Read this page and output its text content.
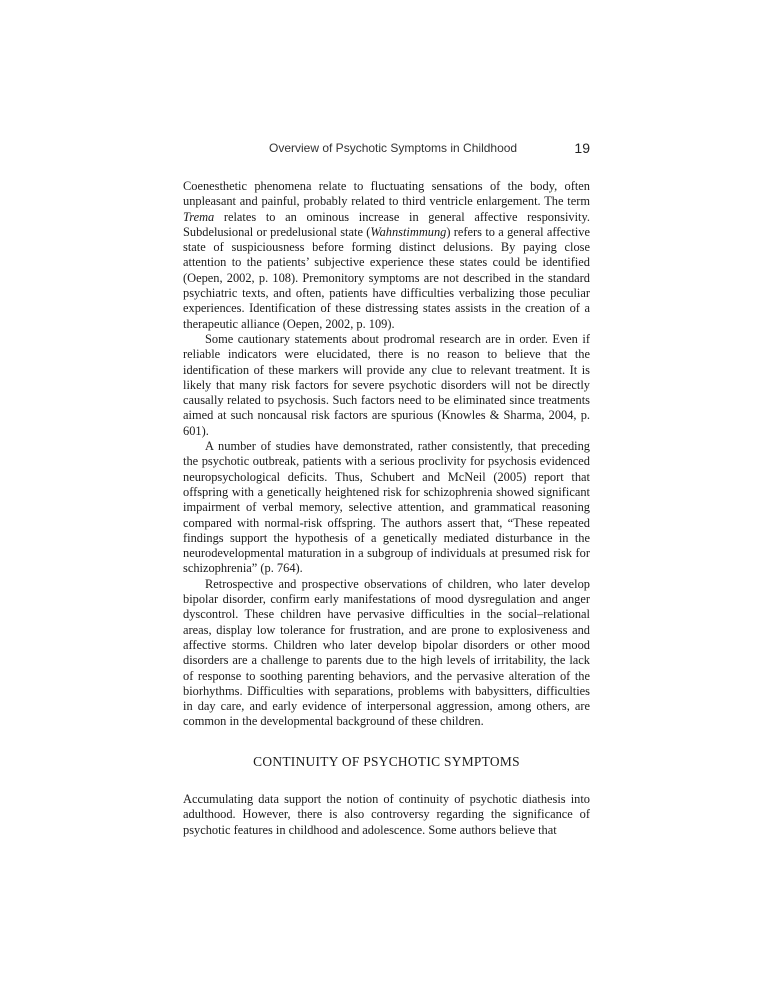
Overview of Psychotic Symptoms in Childhood	19

Coenesthetic phenomena relate to fluctuating sensations of the body, often unpleasant and painful, probably related to third ventricle enlargement. The term Trema relates to an ominous increase in general affective responsivity. Subdelusional or predelusional state (Wahnstimmung) refers to a general affective state of suspiciousness before forming distinct delusions. By paying close attention to the patients’ subjective experience these states could be identified (Oepen, 2002, p. 108). Premonitory symptoms are not described in the standard psychiatric texts, and often, patients have difficulties verbalizing those peculiar experiences. Identification of these distressing states assists in the creation of a therapeutic alliance (Oepen, 2002, p. 109).

Some cautionary statements about prodromal research are in order. Even if reliable indicators were elucidated, there is no reason to believe that the identification of these markers will provide any clue to relevant treatment. It is likely that many risk factors for severe psychotic disorders will not be directly causally related to psychosis. Such factors need to be eliminated since treatments aimed at such noncausal risk factors are spurious (Knowles & Sharma, 2004, p. 601).

A number of studies have demonstrated, rather consistently, that preceding the psychotic outbreak, patients with a serious proclivity for psychosis evidenced neuropsychological deficits. Thus, Schubert and McNeil (2005) report that offspring with a genetically heightened risk for schizophrenia showed significant impairment of verbal memory, selective attention, and grammatical reasoning compared with normal-risk offspring. The authors assert that, “These repeated findings support the hypothesis of a genetically mediated disturbance in the neurodevelopmental maturation in a subgroup of individuals at presumed risk for schizophrenia” (p. 764).

Retrospective and prospective observations of children, who later develop bipolar disorder, confirm early manifestations of mood dysregulation and anger dyscontrol. These children have pervasive difficulties in the social–relational areas, display low tolerance for frustration, and are prone to explosiveness and affective storms. Children who later develop bipolar disorders or other mood disorders are a challenge to parents due to the high levels of irritability, the lack of response to soothing parenting behaviors, and the pervasive alteration of the biorhythms. Difficulties with separations, problems with babysitters, difficulties in day care, and early evidence of interpersonal aggression, among others, are common in the developmental background of these children.

CONTINUITY OF PSYCHOTIC SYMPTOMS

Accumulating data support the notion of continuity of psychotic diathesis into adulthood. However, there is also controversy regarding the significance of psychotic features in childhood and adolescence. Some authors believe that
